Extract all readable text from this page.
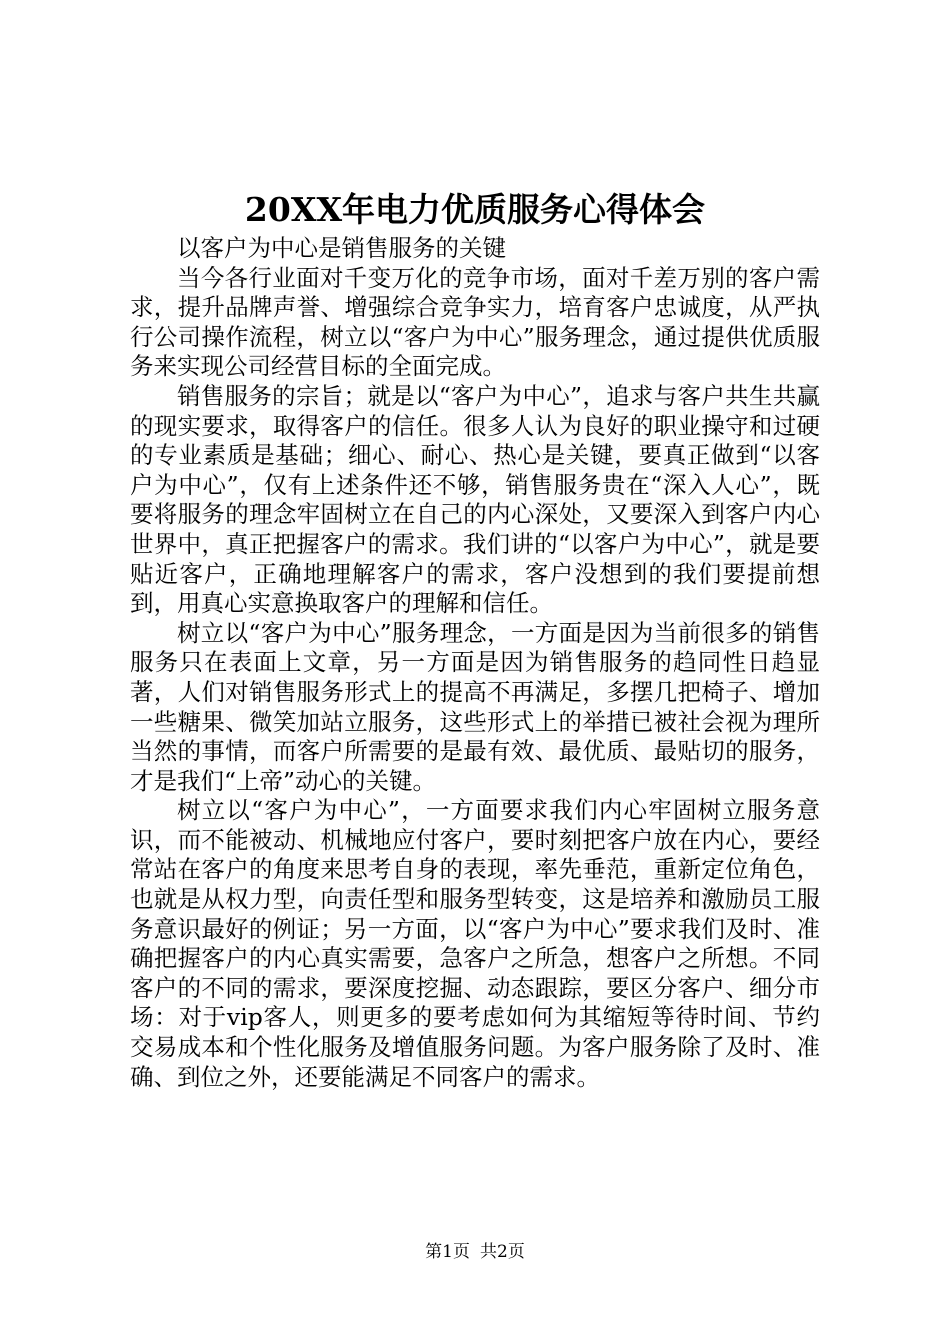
20XX年电力优质服务心得体会

以客户为中心是销售服务的关键

当今各行业面对千变万化的竞争市场，面对千差万别的客户需求，提升品牌声誉、增强综合竞争实力，培育客户忠诚度，从严执行公司操作流程，树立以“客户为中心”服务理念，通过提供优质服务来实现公司经营目标的全面完成。

销售服务的宗旨；就是以“客户为中心”，追求与客户共生共赢的现实要求，取得客户的信任。很多人认为良好的职业操守和过硬的专业素质是基础；细心、耐心、热心是关键，要真正做到“以客户为中心”，仅有上述条件还不够，销售服务贵在“深入人心”，既要将服务的理念牢固树立在自己的内心深处，又要深入到客户内心世界中，真正把握客户的需求。我们讲的“以客户为中心”，就是要贴近客户，正确地理解客户的需求，客户没想到的我们要提前想到，用真心实意换取客户的理解和信任。

树立以“客户为中心”服务理念，一方面是因为当前很多的销售服务只在表面上文章，另一方面是因为销售服务的趋同性日趋显著，人们对销售服务形式上的提高不再满足，多摆几把椅子、增加一些糖果、微笑加站立服务，这些形式上的举措已被社会视为理所当然的事情，而客户所需要的是最有效、最优质、最贴切的服务，才是我们“上帝”动心的关键。

树立以“客户为中心”，一方面要求我们内心牢固树立服务意识，而不能被动、机械地应付客户，要时刻把客户放在内心，要经常站在客户的角度来思考自身的表现，率先垂范，重新定位角色，也就是从权力型，向责任型和服务型转变，这是培养和激励员工服务意识最好的例证；另一方面，以“客户为中心”要求我们及时、准确把握客户的内心真实需要，急客户之所急，想客户之所想。不同客户的不同的需求，要深度挖掘、动态跟踪，要区分客户、细分市场：对于vip客人，则更多的要考虑如何为其缩短等待时间、节约交易成本和个性化服务及增值服务问题。为客户服务除了及时、准确、到位之外，还要能满足不同客户的需求。

第1页 共2页
